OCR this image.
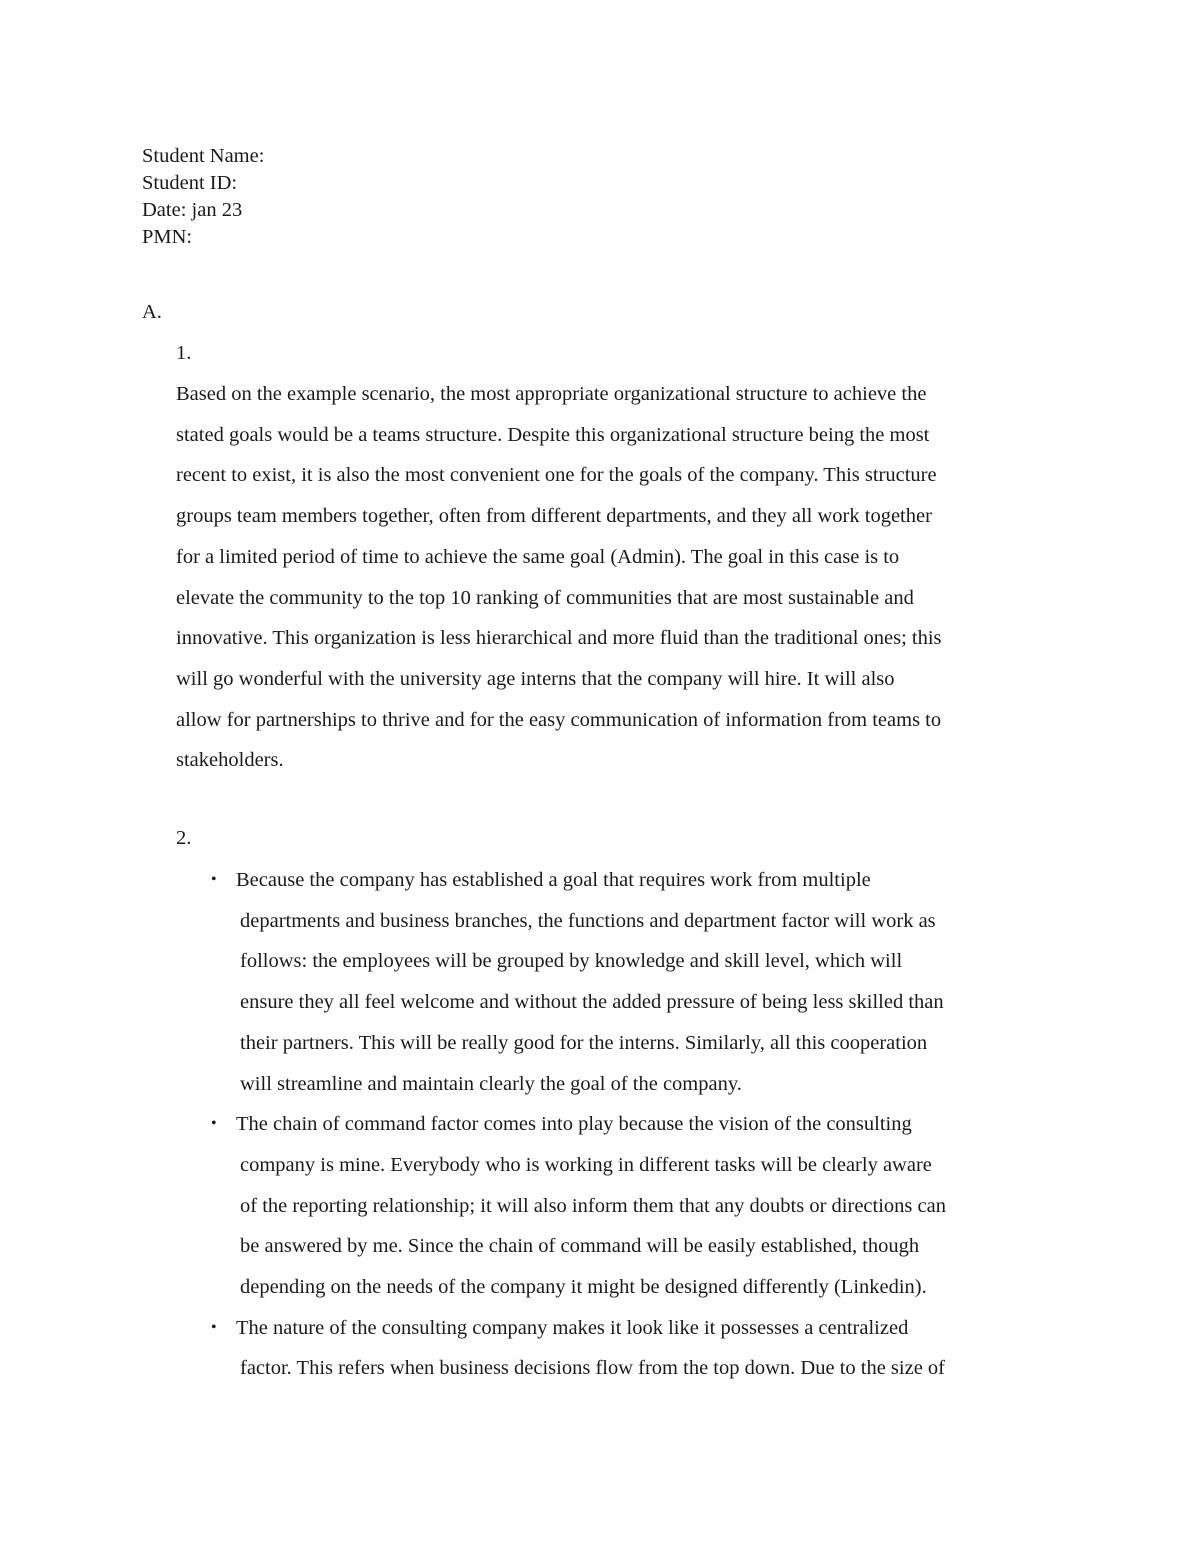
Student Name:
Student ID:
Date: jan 23
PMN:
A.
1.
Based on the example scenario, the most appropriate organizational structure to achieve the
stated goals would be a teams structure. Despite this organizational structure being the most
recent to exist, it is also the most convenient one for the goals of the company. This structure
groups team members together, often from different departments, and they all work together
for a limited period of time to achieve the same goal (Admin). The goal in this case is to
elevate the community to the top 10 ranking of communities that are most sustainable and
innovative. This organization is less hierarchical and more fluid than the traditional ones; this
will go wonderful with the university age interns that the company will hire. It will also
allow for partnerships to thrive and for the easy communication of information from teams to
stakeholders.
2.
• Because the company has established a goal that requires work from multiple
departments and business branches, the functions and department factor will work as
follows: the employees will be grouped by knowledge and skill level, which will
ensure they all feel welcome and without the added pressure of being less skilled than
their partners. This will be really good for the interns. Similarly, all this cooperation
will streamline and maintain clearly the goal of the company.
• The chain of command factor comes into play because the vision of the consulting
company is mine. Everybody who is working in different tasks will be clearly aware
of the reporting relationship; it will also inform them that any doubts or directions can
be answered by me. Since the chain of command will be easily established, though
depending on the needs of the company it might be designed differently (Linkedin).
• The nature of the consulting company makes it look like it possesses a centralized
factor. This refers when business decisions flow from the top down. Due to the size of
